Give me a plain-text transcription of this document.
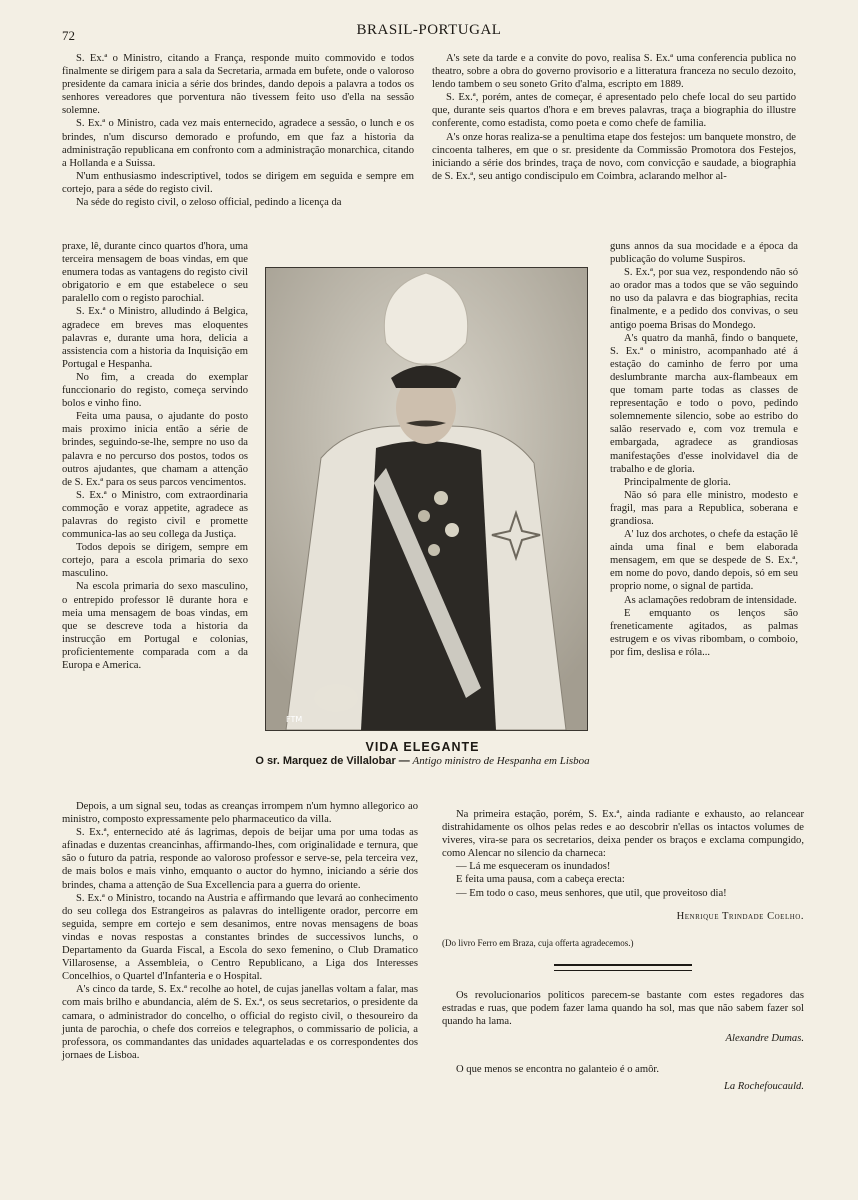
72	BRASIL-PORTUGAL

S. Ex.ª o Ministro, citando a França, responde muito commovido e todos finalmente se dirigem para a sala da Secretaria, armada em bufete, onde o valoroso presidente da camara inicia a série dos brindes, dando depois a palavra a todos os senhores vereadores que porventura não tivessem feito uso d'ella na sessão solemne.

S. Ex.ª o Ministro, cada vez mais enternecido, agradece a sessão, o lunch e os brindes, n'um discurso demorado e profundo, em que faz a historia da administração republicana em confronto com a administração monarchica, citando a Hollanda e a Suissa.

N'um enthusiasmo indescriptivel, todos se dirigem em seguida e sempre em cortejo, para a séde do registo civil.

Na séde do registo civil, o zeloso official, pedindo a licença da

praxe, lê, durante cinco quartos d'hora, uma terceira mensagem de boas vindas, em que enumera todas as vantagens do registo civil obrigatorio e em que estabelece o seu paralello com o registo parochial.

S. Ex.ª o Ministro, alludindo á Belgica, agradece em breves mas eloquentes palavras e, durante uma hora, delicia a assistencia com a historia da Inquisição em Portugal e Hespanha.

No fim, a creada do exemplar funccionario do registo, começa servindo bolos e vinho fino.

Feita uma pausa, o ajudante do posto mais proximo inicia então a série de brindes, seguindo-se-lhe, sempre no uso da palavra e no percurso dos postos, todos os outros ajudantes, que chamam a attenção de S. Ex.ª para os seus parcos vencimentos.

S. Ex.ª o Ministro, com extraordinaria commoção e voraz appetite, agradece as palavras do registo civil e promette communica-las ao seu collega da Justiça.

Todos depois se dirigem, sempre em cortejo, para a escola primaria do sexo masculino.

Na escola primaria do sexo masculino, o entrepido professor lê durante hora e meia uma mensagem de boas vindas, em que se descreve toda a historia da instrucção em Portugal e colonias, proficientemente comparada com a da Europa e America.

FTM
VIDA ELEGANTE
O sr. Marquez de Villalobar — Antigo ministro de Hespanha em Lisboa

A's sete da tarde e a convite do povo, realisa S. Ex.ª uma conferencia publica no theatro, sobre a obra do governo provisorio e a litteratura franceza no seculo dezoito, lendo tambem o seu soneto Grito d'alma, escripto em 1889.

S. Ex.ª, porém, antes de começar, é apresentado pelo chefe local do seu partido que, durante seis quartos d'hora e em breves palavras, traça a biographia do illustre conferente, como estadista, como poeta e como chefe de familia.

A's onze horas realiza-se a penultima etape dos festejos: um banquete monstro, de cincoenta talheres, em que o sr. presidente da Commissão Promotora dos Festejos, iniciando a série dos brindes, traça de novo, com convicção e saudade, a biographia de S. Ex.ª, seu antigo condiscipulo em Coimbra, aclarando melhor al-

guns annos da sua mocidade e a época da publicação do volume Suspiros.

S. Ex.ª, por sua vez, respondendo não só ao orador mas a todos que se vão seguindo no uso da palavra e das biographias, recita finalmente, e a pedido dos convivas, o seu antigo poema Brisas do Mondego.

A's quatro da manhã, findo o banquete, S. Ex.ª o ministro, acompanhado até á estação do caminho de ferro por uma deslumbrante marcha aux-flambeaux em que tomam parte todas as classes de representação e todo o povo, pedindo solemnemente silencio, sobe ao estribo do salão reservado e, com voz tremula e embargada, agradece as grandiosas manifestações d'esse inolvidavel dia de trabalho e de gloria.

Principalmente de gloria.

Não só para elle ministro, modesto e fragil, mas para a Republica, soberana e grandiosa.

A' luz dos archotes, o chefe da estação lê ainda uma final e bem elaborada mensagem, em que se despede de S. Ex.ª, em nome do povo, dando depois, só em seu proprio nome, o signal de partida.

As aclamações redobram de intensidade.

E emquanto os lenços são freneticamente agitados, as palmas estrugem e os vivas ribombam, o comboio, por fim, deslisa e róla...

Depois, a um signal seu, todas as creanças irrompem n'um hymno allegorico ao ministro, composto expressamente pelo pharmaceutico da villa.

S. Ex.ª, enternecido até ás lagrimas, depois de beijar uma por uma todas as afinadas e duzentas creancinhas, affirmando-lhes, com originalidade e ternura, que são o futuro da patria, responde ao valoroso professor e serve-se, pela terceira vez, de mais bolos e mais vinho, emquanto o auctor do hymno, iniciando a série dos brindes, chama a attenção de Sua Excellencia para a guerra do oriente.

S. Ex.ª o Ministro, tocando na Austria e affirmando que levará ao conhecimento do seu collega dos Estrangeiros as palavras do intelligente orador, percorre em seguida, sempre em cortejo e sem desanimos, entre novas mensagens de boas vindas e novas respostas a constantes brindes de successivos lunchs, o Departamento da Guarda Fiscal, a Escola do sexo femenino, o Club Dramatico Villarosense, a Assembleia, o Centro Republicano, a Liga dos Interesses Concelhios, o Quartel d'Infanteria e o Hospital.

A's cinco da tarde, S. Ex.ª recolhe ao hotel, de cujas janellas voltam a falar, mas com mais brilho e abundancia, além de S. Ex.ª, os seus secretarios, o presidente da camara, o administrador do concelho, o official do registo civil, o thesoureiro da junta de parochia, o chefe dos correios e telegraphos, o commissario de policia, a professora, os commandantes das unidades aquarteladas e os correspondentes dos jornaes de Lisboa.

Na primeira estação, porém, S. Ex.ª, ainda radiante e exhausto, ao relancear distrahidamente os olhos pelas redes e ao descobrir n'ellas os intactos volumes de viveres, vira-se para os secretarios, deixa pender os braços e exclama compungido, como Alencar no silencio da charneca:

— Lá me esqueceram os inundados!

E feita uma pausa, com a cabeça erecta:

— Em todo o caso, meus senhores, que util, que proveitoso dia!

Henrique Trindade Coelho.

(Do livro Ferro em Braza, cuja offerta agradecemos.)

Os revolucionarios politicos parecem-se bastante com estes regadores das estradas e ruas, que podem fazer lama quando ha sol, mas que não sabem fazer sol quando ha lama.

Alexandre Dumas.

O que menos se encontra no galanteio é o amôr.

La Rochefoucauld.
